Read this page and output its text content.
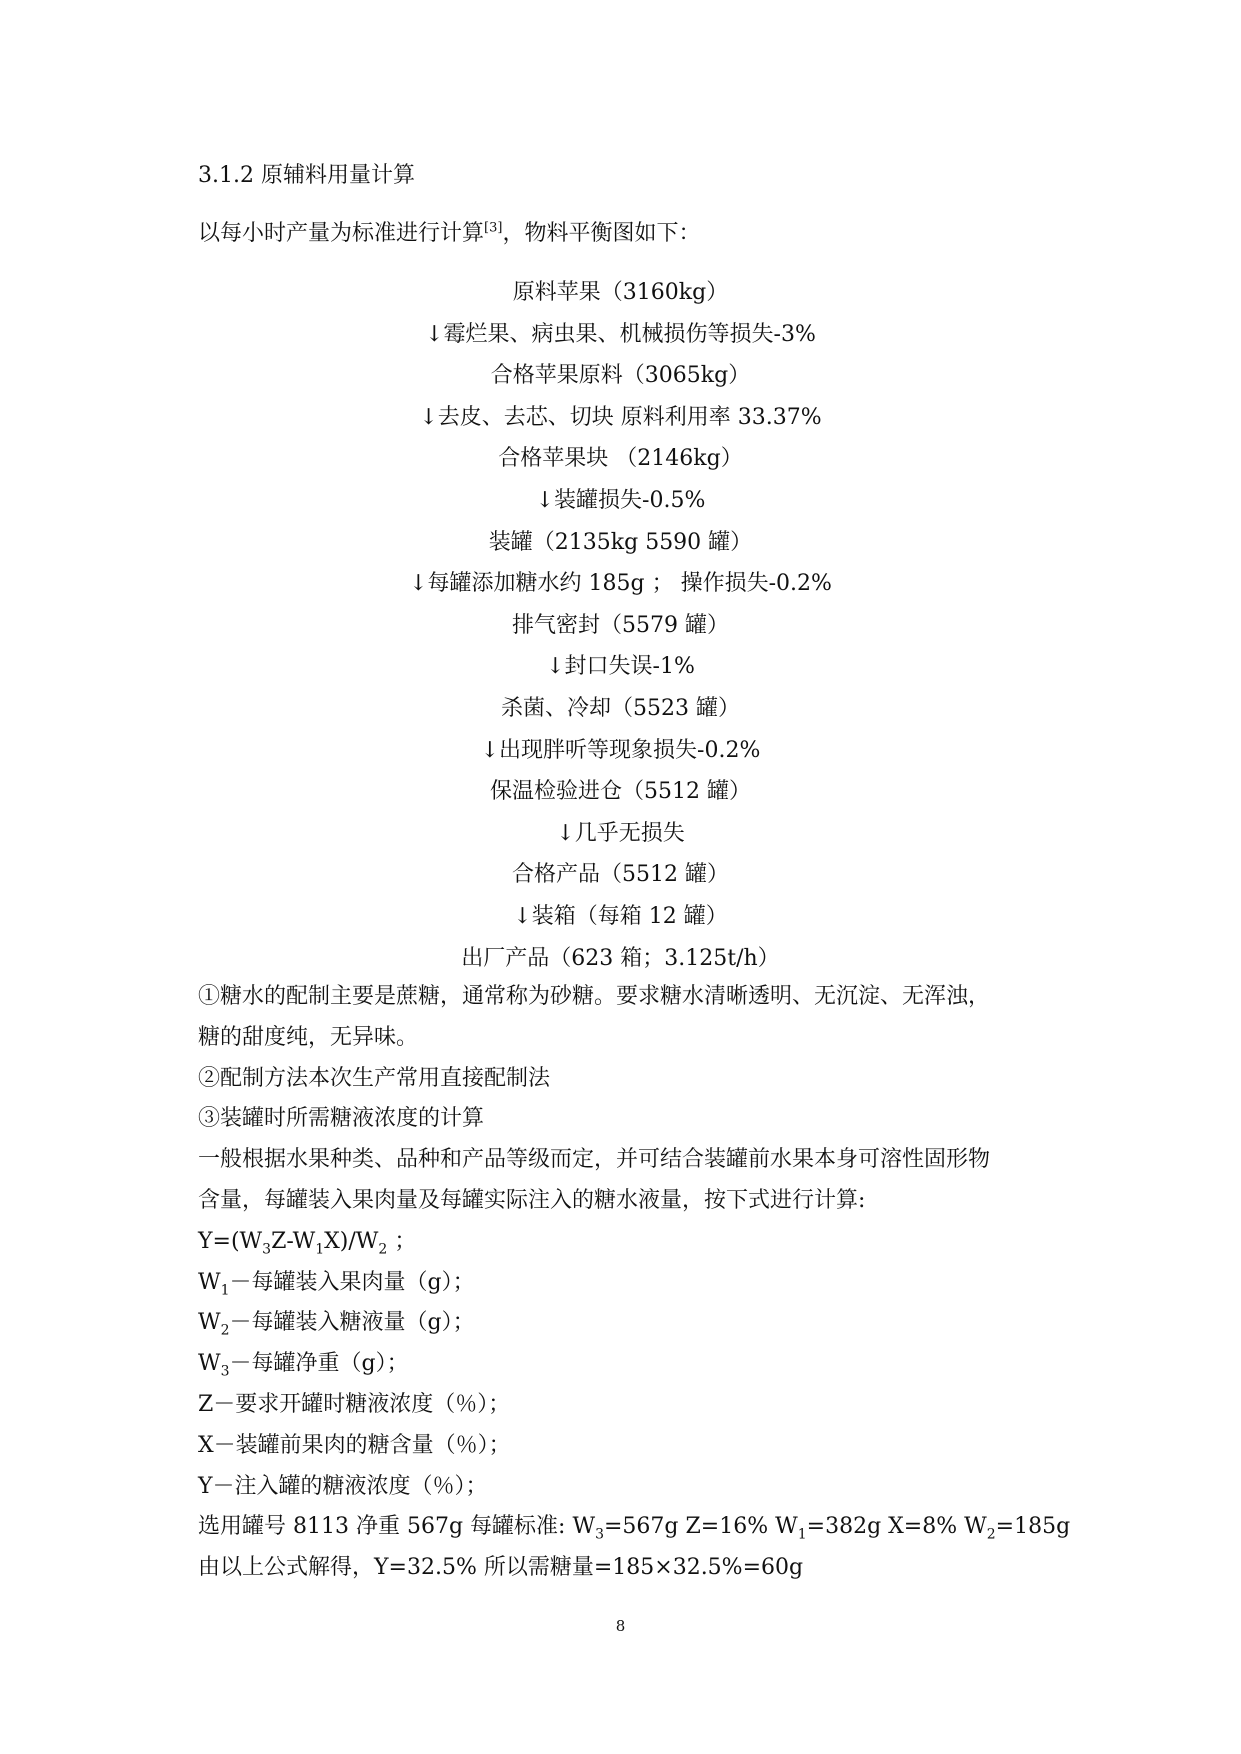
3.1.2 原辅料用量计算
以每小时产量为标准进行计算[3]，物料平衡图如下：
原料苹果（3160kg）
↓霉烂果、病虫果、机械损伤等损失-3%
合格苹果原料（3065kg）
↓去皮、去芯、切块 原料利用率 33.37%
合格苹果块 （2146kg）
↓装罐损失-0.5%
装罐（2135kg 5590 罐）
↓每罐添加糖水约 185g ； 操作损失-0.2%
排气密封（5579 罐）
↓封口失误-1%
杀菌、冷却（5523 罐）
↓出现胖听等现象损失-0.2%
保温检验进仓（5512 罐）
↓几乎无损失
合格产品（5512 罐）
↓装箱（每箱 12 罐）
出厂产品（623 箱；3.125t/h）
①糖水的配制主要是蔗糖，通常称为砂糖。要求糖水清晰透明、无沉淀、无浑浊，
糖的甜度纯，无异味。
②配制方法本次生产常用直接配制法
③装罐时所需糖液浓度的计算
一般根据水果种类、品种和产品等级而定，并可结合装罐前水果本身可溶性固形物
含量，每罐装入果肉量及每罐实际注入的糖水液量，按下式进行计算:
$Y=(W_3Z-W_1X)/W_2$ ；
$W_1-$每罐装入果肉量（g）；
$W_2-$每罐装入糖液量（g）；
$W_3-$每罐净重（g）；
Z－要求开罐时糖液浓度（％）；
X－装罐前果肉的糖含量（％）；
Y－注入罐的糖液浓度（％）；
选用罐号 8113 净重 567g 每罐标准: $W_3=567g$ Z=16% $W_1=382g$ X=8% $W_2=185g$
由以上公式解得，Y=32.5% 所以需糖量=185×32.5%=60g
8
